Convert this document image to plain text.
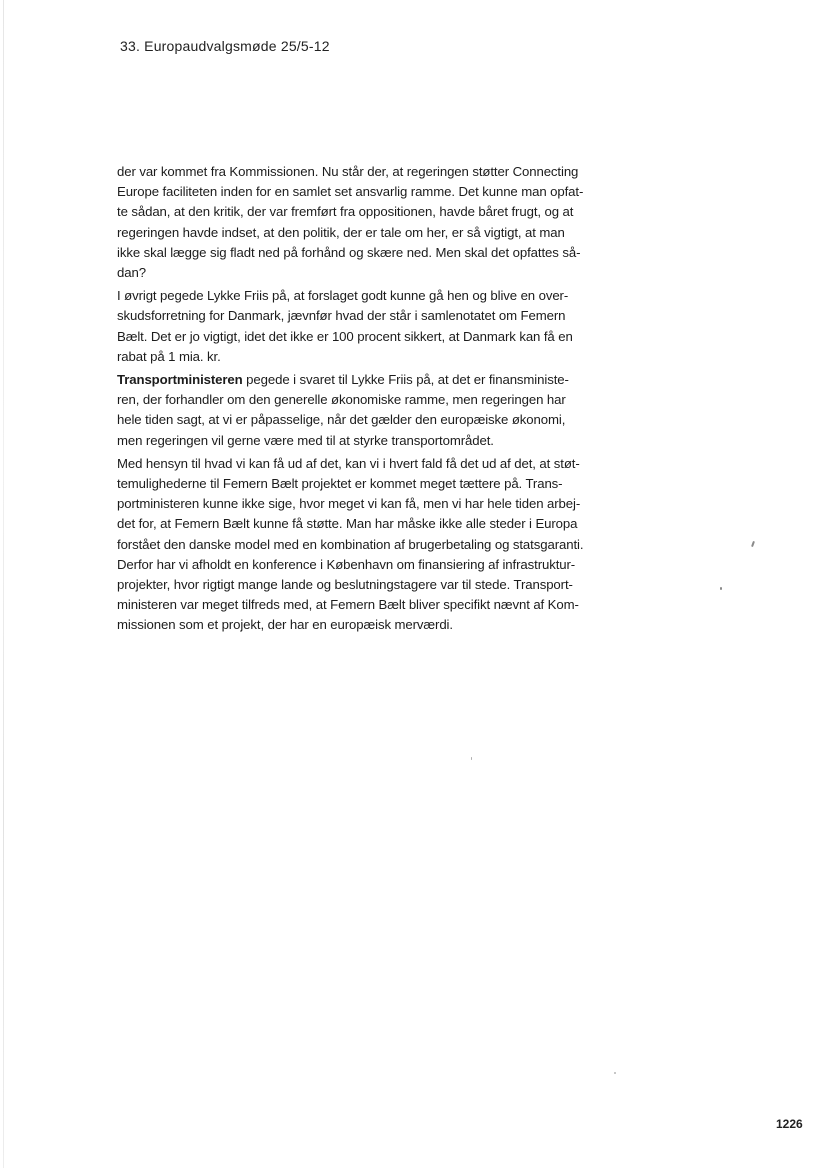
33. Europaudvalgsmøde 25/5-12

der var kommet fra Kommissionen. Nu står der, at regeringen støtter Connecting
Europe faciliteten inden for en samlet set ansvarlig ramme. Det kunne man opfat-
te sådan, at den kritik, der var fremført fra oppositionen, havde båret frugt, og at
regeringen havde indset, at den politik, der er tale om her, er så vigtigt, at man
ikke skal lægge sig fladt ned på forhånd og skære ned. Men skal det opfattes så-
dan?

I øvrigt pegede Lykke Friis på, at forslaget godt kunne gå hen og blive en over-
skudsforretning for Danmark, jævnfør hvad der står i samlenotatet om Femern
Bælt. Det er jo vigtigt, idet det ikke er 100 procent sikkert, at Danmark kan få en
rabat på 1 mia. kr.

Transportministeren pegede i svaret til Lykke Friis på, at det er finansministe-
ren, der forhandler om den generelle økonomiske ramme, men regeringen har
hele tiden sagt, at vi er påpasselige, når det gælder den europæiske økonomi,
men regeringen vil gerne være med til at styrke transportområdet.

Med hensyn til hvad vi kan få ud af det, kan vi i hvert fald få det ud af det, at støt-
temulighederne til Femern Bælt projektet er kommet meget tættere på. Trans-
portministeren kunne ikke sige, hvor meget vi kan få, men vi har hele tiden arbej-
det for, at Femern Bælt kunne få støtte. Man har måske ikke alle steder i Europa
forstået den danske model med en kombination af brugerbetaling og statsgaranti.
Derfor har vi afholdt en konference i København om finansiering af infrastruktur-
projekter, hvor rigtigt mange lande og beslutningstagere var til stede. Transport-
ministeren var meget tilfreds med, at Femern Bælt bliver specifikt nævnt af Kom-
missionen som et projekt, der har en europæisk merværdi.

1226
